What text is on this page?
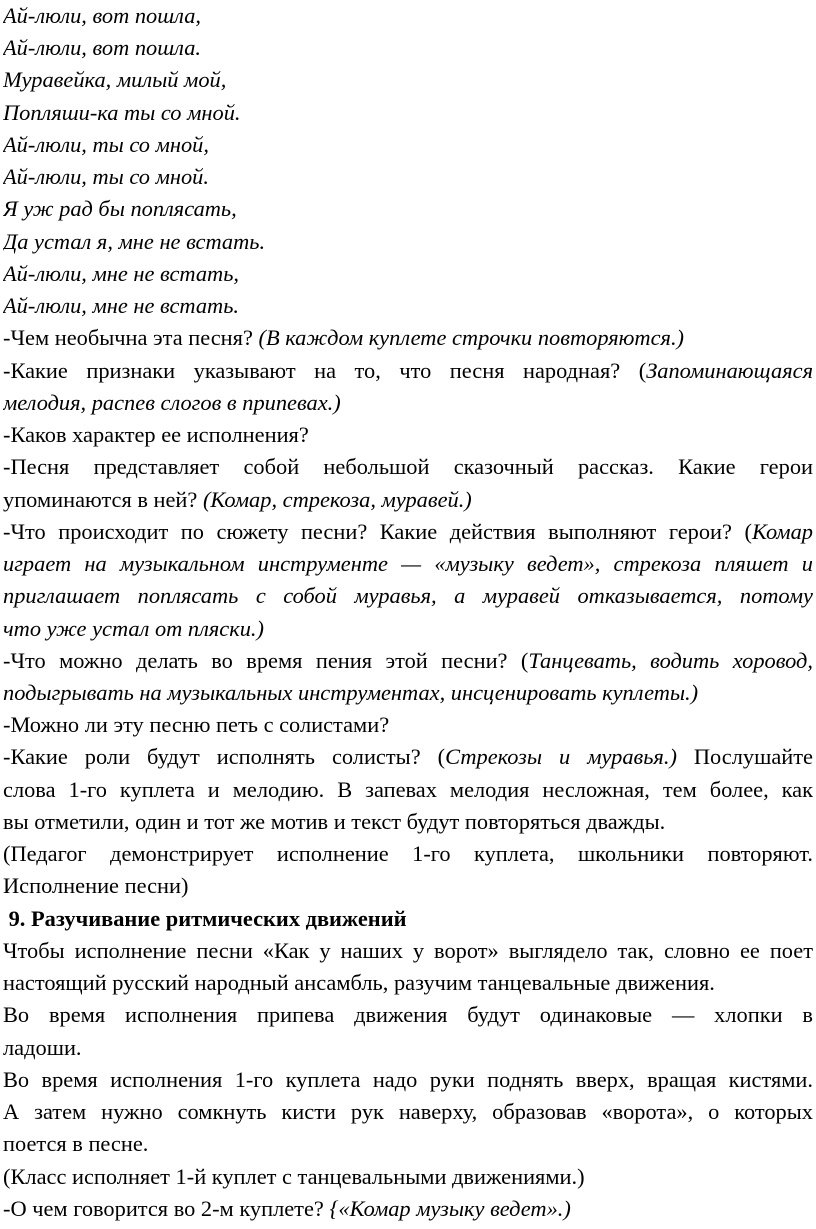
Ай-люли, вот пошла,
Ай-люли, вот пошла.
Муравейка, милый мой,
Попляши-ка ты со мной.
Ай-люли, ты со мной,
Ай-люли, ты со мной.
Я уж рад бы поплясать,
Да устал я, мне не встать.
Ай-люли, мне не встать,
Ай-люли, мне не встать.
-Чем необычна эта песня? (В каждом куплете строчки повторяются.)
-Какие признаки указывают на то, что песня народная? (Запоминающаяся
мелодия, распев слогов в припевах.)
-Каков характер ее исполнения?
-Песня представляет собой небольшой сказочный рассказ. Какие герои
упоминаются в ней? (Комар, стрекоза, муравей.)
-Что происходит по сюжету песни? Какие действия выполняют герои? (Комар
играет на музыкальном инструменте — «музыку ведет», стрекоза пляшет и
приглашает поплясать с собой муравья, а муравей отказывается, потому
что уже устал от пляски.)
-Что можно делать во время пения этой песни? (Танцевать, водить хоровод,
подыгрывать на музыкальных инструментах, инсценировать куплеты.)
-Можно ли эту песню петь с солистами?
-Какие роли будут исполнять солисты? (Стрекозы и муравья.) Послушайте
слова 1-го куплета и мелодию. В запевах мелодия несложная, тем более, как
вы отметили, один и тот же мотив и текст будут повторяться дважды.
(Педагог демонстрирует исполнение 1-го куплета, школьники повторяют.
Исполнение песни)
9. Разучивание ритмических движений
Чтобы исполнение песни «Как у наших у ворот» выглядело так, словно ее поет
настоящий русский народный ансамбль, разучим танцевальные движения.
Во время исполнения припева движения будут одинаковые — хлопки в
ладоши.
Во время исполнения 1-го куплета надо руки поднять вверх, вращая кистями.
А затем нужно сомкнуть кисти рук наверху, образовав «ворота», о которых
поется в песне.
(Класс исполняет 1-й куплет с танцевальными движениями.)
-О чем говорится во 2-м куплете? {«Комар музыку ведет».)
